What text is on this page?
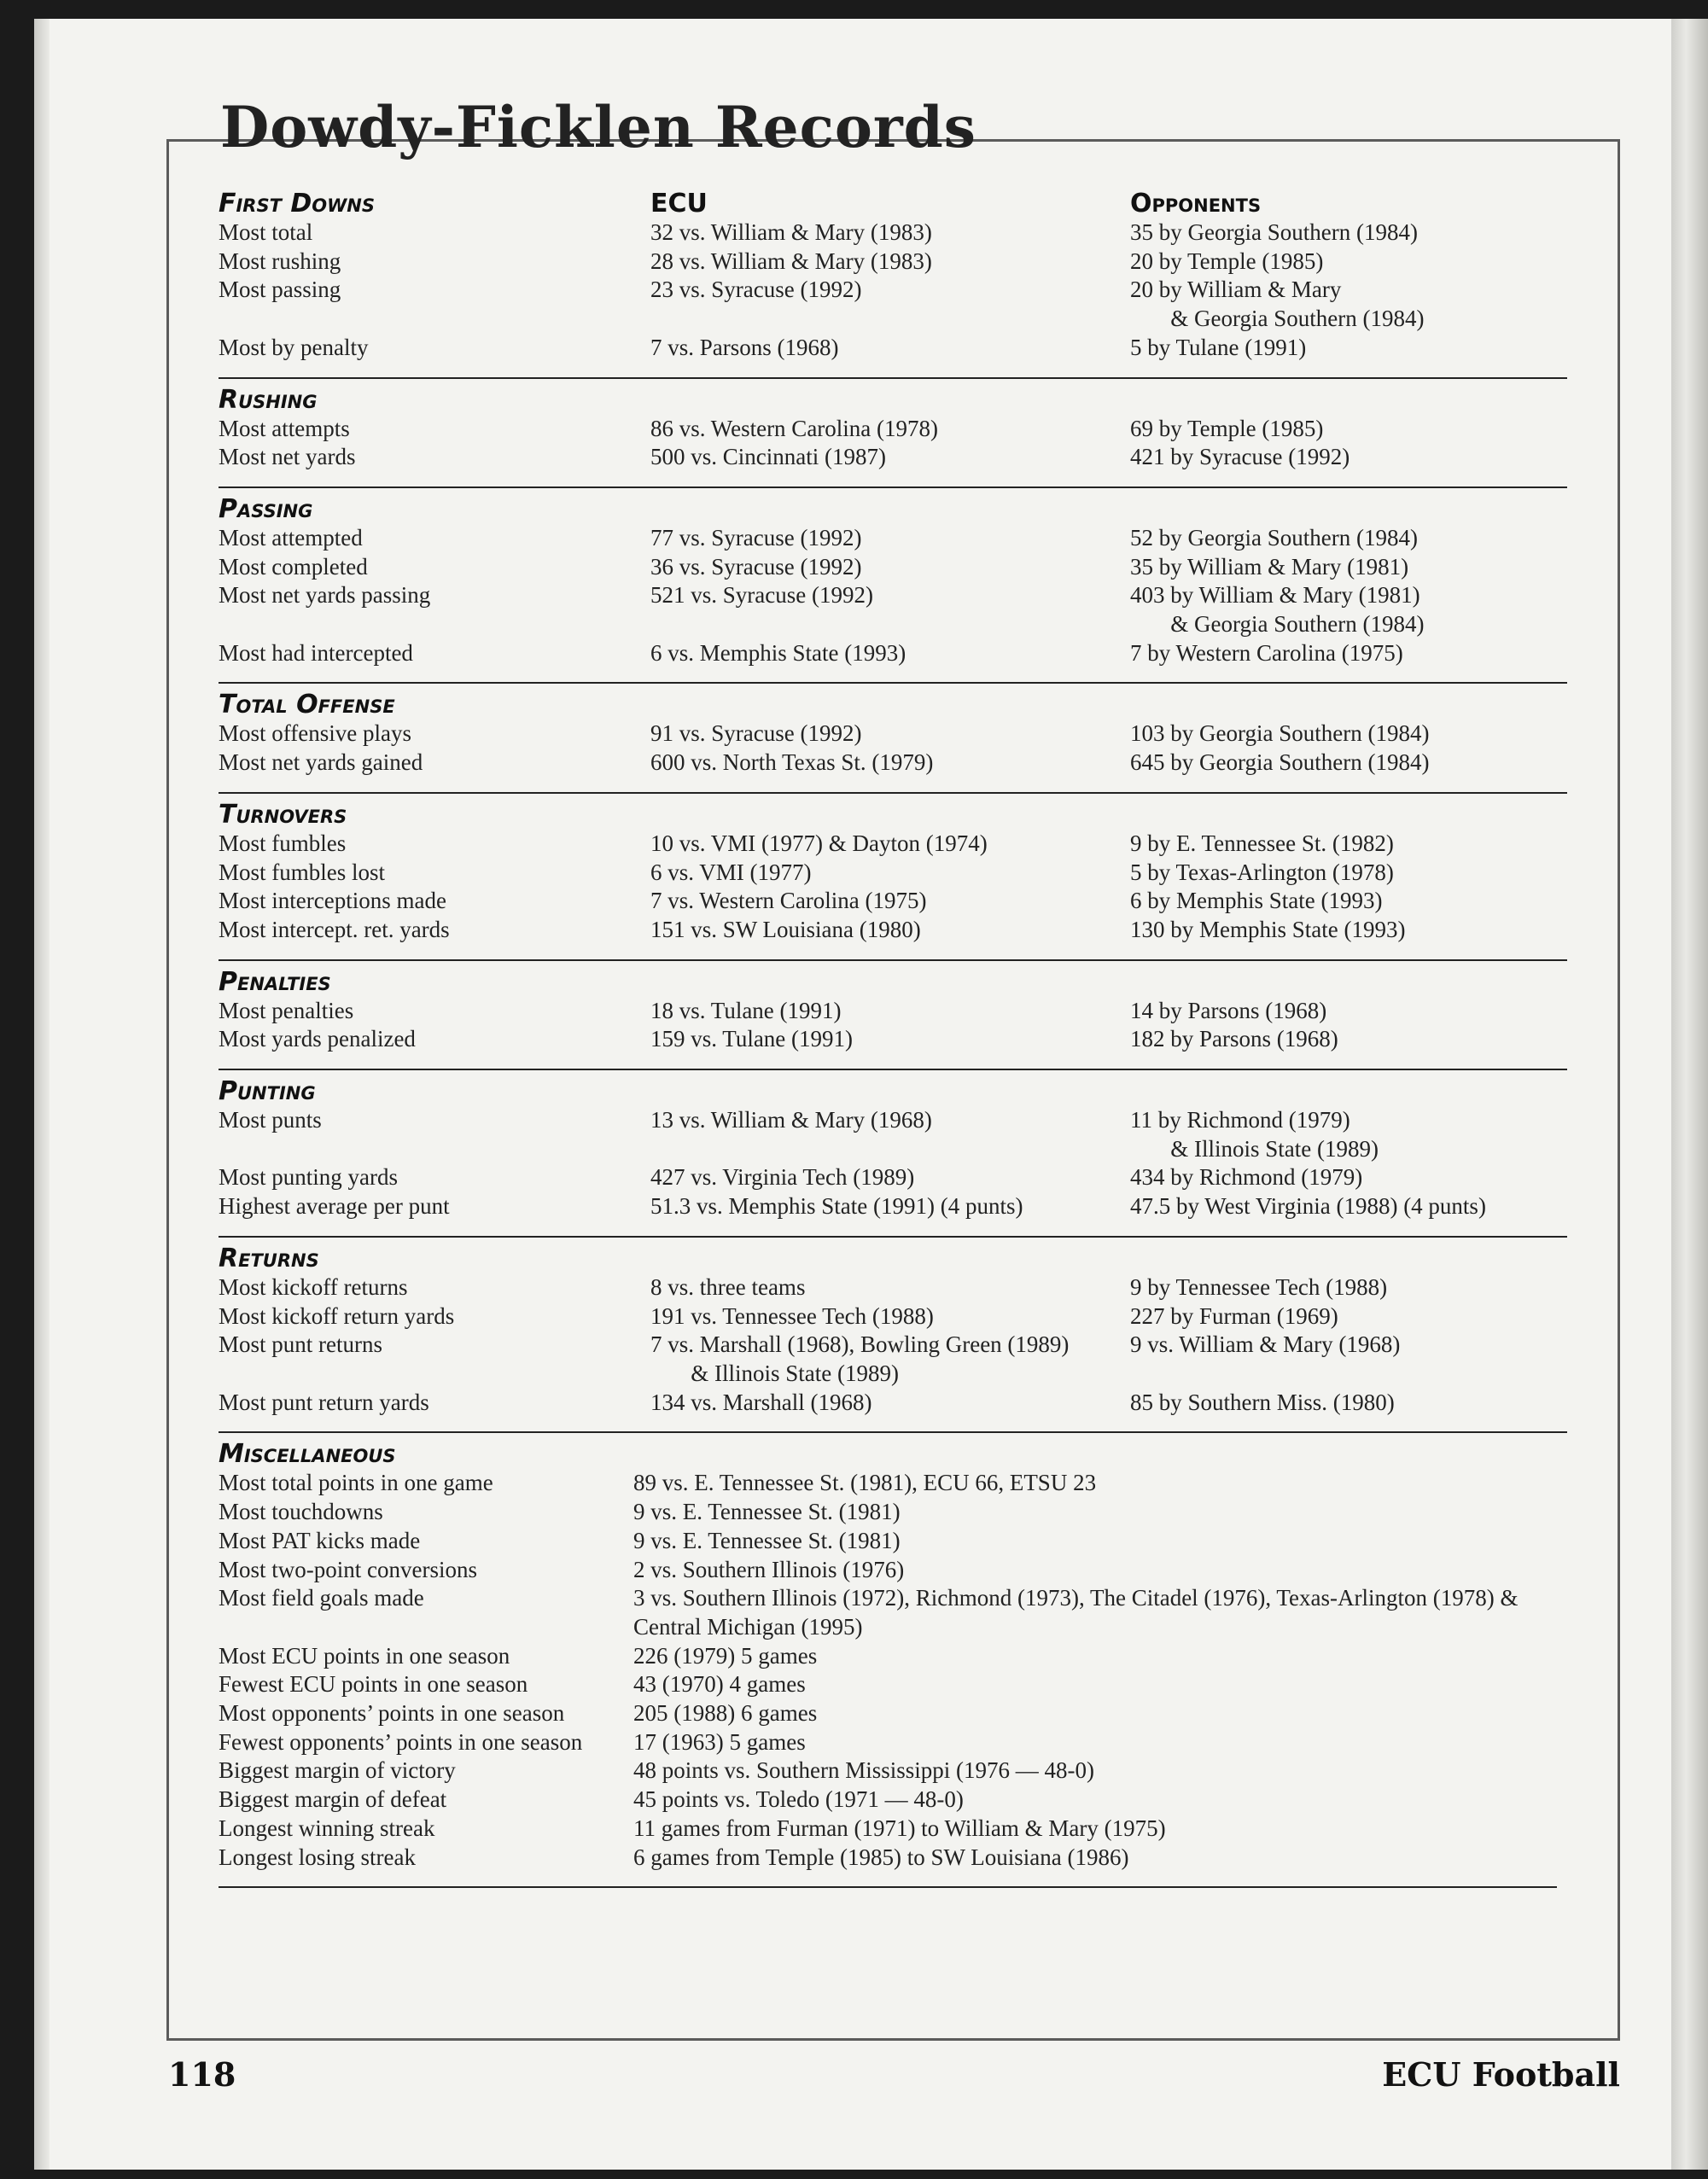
Dowdy-Ficklen Records
First Downs	ECU	Opponents
Most total	32 vs. William & Mary (1983)	35 by Georgia Southern (1984)
Most rushing	28 vs. William & Mary (1983)	20 by Temple (1985)
Most passing	23 vs. Syracuse (1992)	20 by William & Mary
& Georgia Southern (1984)
Most by penalty	7 vs. Parsons (1968)	5 by Tulane (1991)
Rushing
Most attempts	86 vs. Western Carolina (1978)	69 by Temple (1985)
Most net yards	500 vs. Cincinnati (1987)	421 by Syracuse (1992)
Passing
Most attempted	77 vs. Syracuse (1992)	52 by Georgia Southern (1984)
Most completed	36 vs. Syracuse (1992)	35 by William & Mary (1981)
Most net yards passing	521 vs. Syracuse (1992)	403 by William & Mary (1981)
& Georgia Southern (1984)
Most had intercepted	6 vs. Memphis State (1993)	7 by Western Carolina (1975)
Total Offense
Most offensive plays	91 vs. Syracuse (1992)	103 by Georgia Southern (1984)
Most net yards gained	600 vs. North Texas St. (1979)	645 by Georgia Southern (1984)
Turnovers
Most fumbles	10 vs. VMI (1977) & Dayton (1974)	9 by E. Tennessee St. (1982)
Most fumbles lost	6 vs. VMI (1977)	5 by Texas-Arlington (1978)
Most interceptions made	7 vs. Western Carolina (1975)	6 by Memphis State (1993)
Most intercept. ret. yards	151 vs. SW Louisiana (1980)	130 by Memphis State (1993)
Penalties
Most penalties	18 vs. Tulane (1991)	14 by Parsons (1968)
Most yards penalized	159 vs. Tulane (1991)	182 by Parsons (1968)
Punting
Most punts	13 vs. William & Mary (1968)	11 by Richmond (1979)
& Illinois State (1989)
Most punting yards	427 vs. Virginia Tech (1989)	434 by Richmond (1979)
Highest average per punt	51.3 vs. Memphis State (1991) (4 punts)	47.5 by West Virginia (1988) (4 punts)
Returns
Most kickoff returns	8 vs. three teams	9 by Tennessee Tech (1988)
Most kickoff return yards	191 vs. Tennessee Tech (1988)	227 by Furman (1969)
Most punt returns	7 vs. Marshall (1968), Bowling Green (1989)	9 vs. William & Mary (1968)
& Illinois State (1989)
Most punt return yards	134 vs. Marshall (1968)	85 by Southern Miss. (1980)
Miscellaneous
Most total points in one game	89 vs. E. Tennessee St. (1981), ECU 66, ETSU 23
Most touchdowns	9 vs. E. Tennessee St. (1981)
Most PAT kicks made	9 vs. E. Tennessee St. (1981)
Most two-point conversions	2 vs. Southern Illinois (1976)
Most field goals made	3 vs. Southern Illinois (1972), Richmond (1973), The Citadel (1976), Texas-Arlington (1978) & Central Michigan (1995)
Most ECU points in one season	226 (1979) 5 games
Fewest ECU points in one season	43 (1970) 4 games
Most opponents’ points in one season	205 (1988) 6 games
Fewest opponents’ points in one season	17 (1963) 5 games
Biggest margin of victory	48 points vs. Southern Mississippi (1976 — 48-0)
Biggest margin of defeat	45 points vs. Toledo (1971 — 48-0)
Longest winning streak	11 games from Furman (1971) to William & Mary (1975)
Longest losing streak	6 games from Temple (1985) to SW Louisiana (1986)
118	ECU Football
